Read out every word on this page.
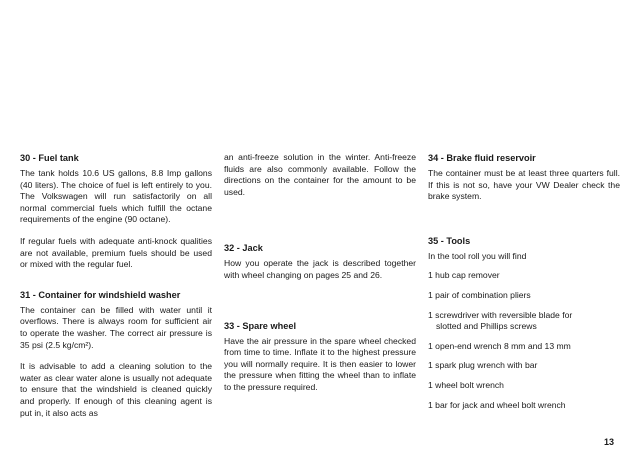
30 - Fuel tank

The tank holds 10.6 US gallons, 8.8 Imp gallons (40 liters). The choice of fuel is left entirely to you. The Volkswagen will run satisfactorily on all normal commercial fuels which fulfill the octane requirements of the engine (90 octane).

If regular fuels with adequate anti-knock qualities are not available, premium fuels should be used or mixed with the regular fuel.

31 - Container for windshield washer

The container can be filled with water until it overflows. There is always room for sufficient air to operate the washer. The correct air pressure is 35 psi (2.5 kg/cm²).

It is advisable to add a cleaning solution to the water as clear water alone is usually not adequate to ensure that the windshield is cleaned quickly and properly. If enough of this cleaning agent is put in, it also acts as

an anti-freeze solution in the winter. Anti-freeze fluids are also commonly available. Follow the directions on the container for the amount to be used.

32 - Jack

How you operate the jack is described together with wheel changing on pages 25 and 26.

33 - Spare wheel

Have the air pressure in the spare wheel checked from time to time. Inflate it to the highest pressure you will normally require. It is then easier to lower the pressure when fitting the wheel than to inflate to the pressure required.

34 - Brake fluid reservoir

The container must be at least three quarters full. If this is not so, have your VW Dealer check the brake system.

35 - Tools

In the tool roll you will find

1 hub cap remover

1 pair of combination pliers

1 screwdriver with reversible blade for

slotted and Phillips screws

1 open-end wrench 8 mm and 13 mm

1 spark plug wrench with bar

1 wheel bolt wrench

1 bar for jack and wheel bolt wrench

13
